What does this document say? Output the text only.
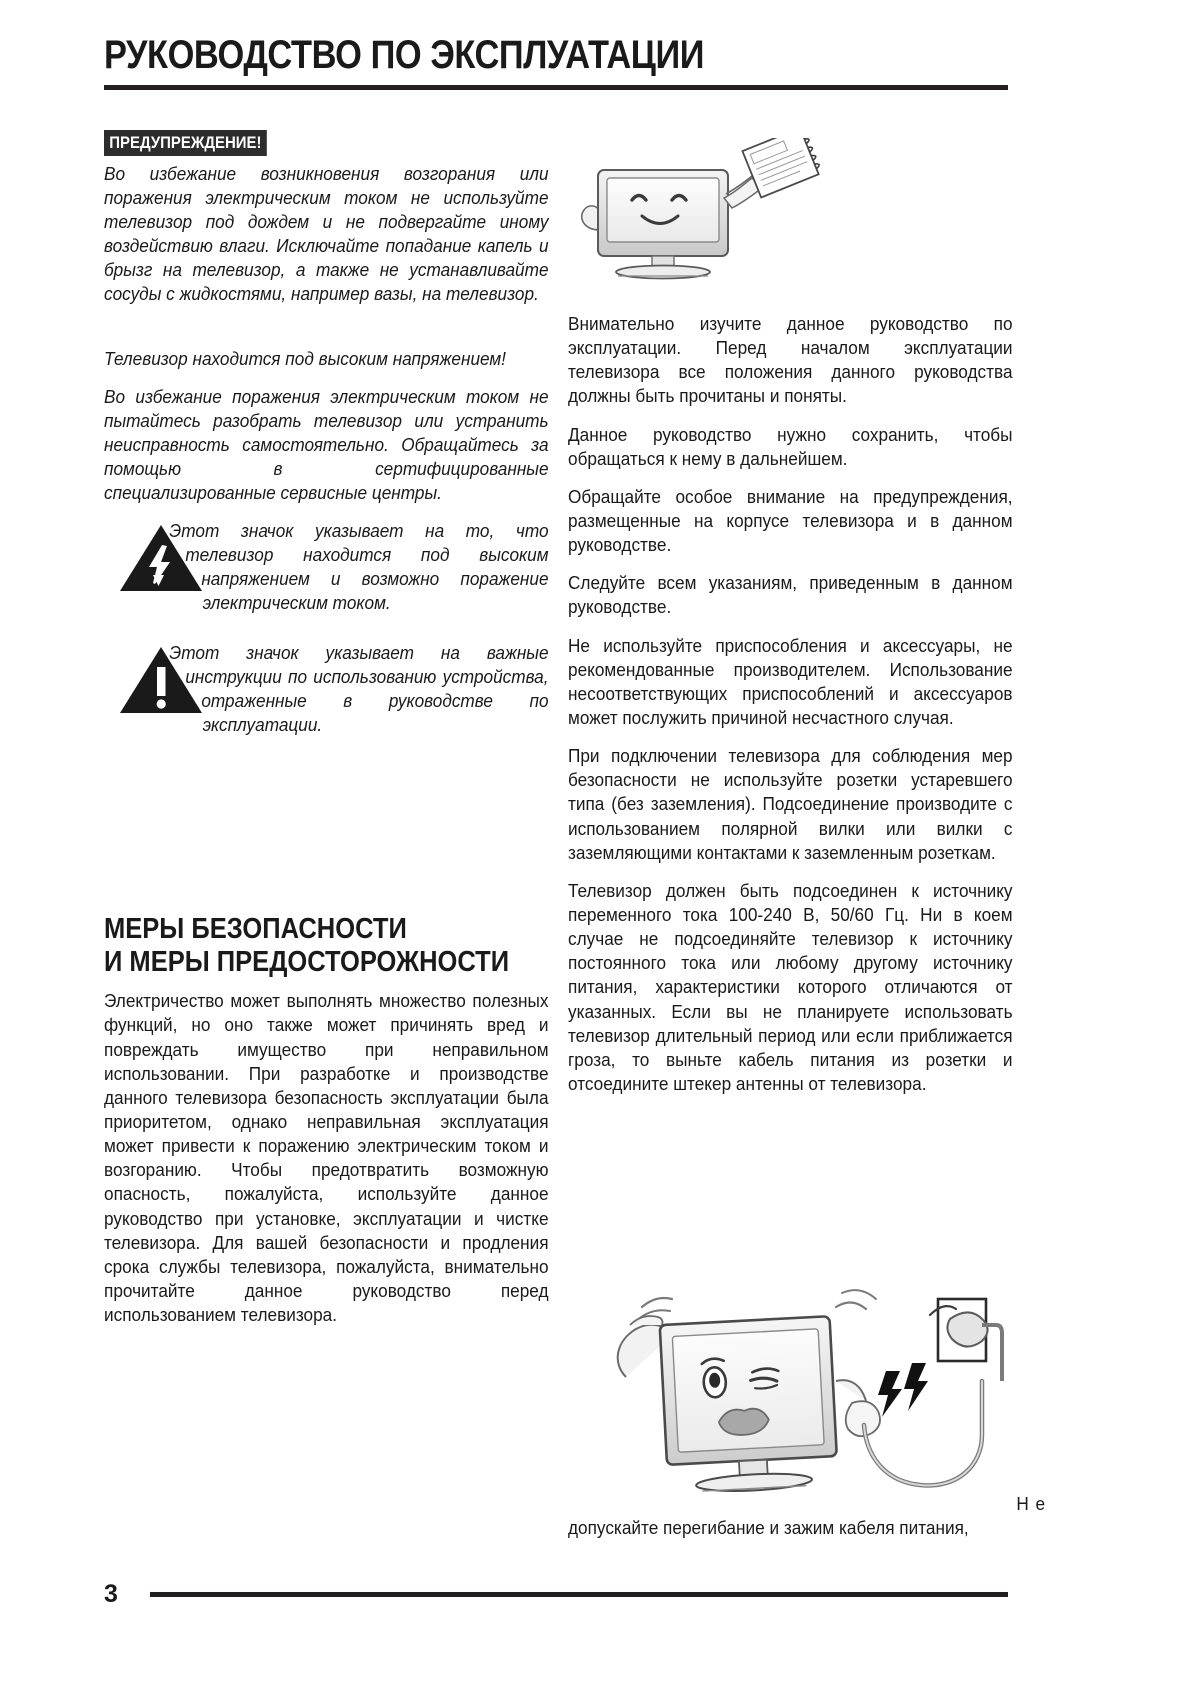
РУКОВОДСТВО ПО ЭКСПЛУАТАЦИИ
ПРЕДУПРЕЖДЕНИЕ!

Во избежание возникновения возгорания или поражения электрическим током не используйте телевизор под дождем и не подвергайте иному воздействию влаги. Исключайте попадание капель и брызг на телевизор, а также не устанавливайте сосуды с жидкостями, например вазы, на телевизор.

Телевизор находится под высоким напряжением!

Во избежание поражения электрическим током не пытайтесь разобрать телевизор или устранить неисправность самостоятельно. Обращайтесь за помощью в сертифицированные специализированные сервисные центры.

Этот значок указывает на то, что телевизор находится под высоким напряжением и возможно поражение электрическим током.
Этот значок указывает на важные инструкции по использованию устройства, отраженные в руководстве по эксплуатации.
МЕРЫ БЕЗОПАСНОСТИ
И МЕРЫ ПРЕДОСТОРОЖНОСТИ

Электричество может выполнять множество полезных функций, но оно также может причинять вред и повреждать имущество при неправильном использовании. При разработке и производстве данного телевизора безопасность эксплуатации была приоритетом, однако неправильная эксплуатация может привести к поражению электрическим током и возгоранию. Чтобы предотвратить возможную опасность, пожалуйста, используйте данное руководство при установке, эксплуатации и чистке телевизора. Для вашей безопасности и продления срока службы телевизора, пожалуйста, внимательно прочитайте данное руководство перед использованием телевизора.

Внимательно изучите данное руководство по эксплуатации. Перед началом эксплуатации телевизора все положения данного руководства должны быть прочитаны и поняты.

Данное руководство нужно сохранить, чтобы обращаться к нему в дальнейшем.

Обращайте особое внимание на предупреждения, размещенные на корпусе телевизора и в данном руководстве.

Следуйте всем указаниям, приведенным в данном руководстве.

Не используйте приспособления и аксессуары, не рекомендованные производителем. Использование несоответствующих приспособлений и аксессуаров может послужить причиной несчастного случая.

При подключении телевизора для соблюдения мер безопасности не используйте розетки устаревшего типа (без заземления). Подсоединение производите с использованием полярной вилки или вилки с заземляющими контактами к заземленным розеткам.

Телевизор должен быть подсоединен к источнику переменного тока 100-240 В, 50/60 Гц. Ни в коем случае не подсоединяйте телевизор к источнику постоянного тока или любому другому источнику питания, характеристики которого отличаются от указанных. Если вы не планируете использовать телевизор длительный период или если приближается гроза, то выньте кабель питания из розетки и отсоедините штекер антенны от телевизора.

Н е
допускайте перегибание и зажим кабеля питания,
3
